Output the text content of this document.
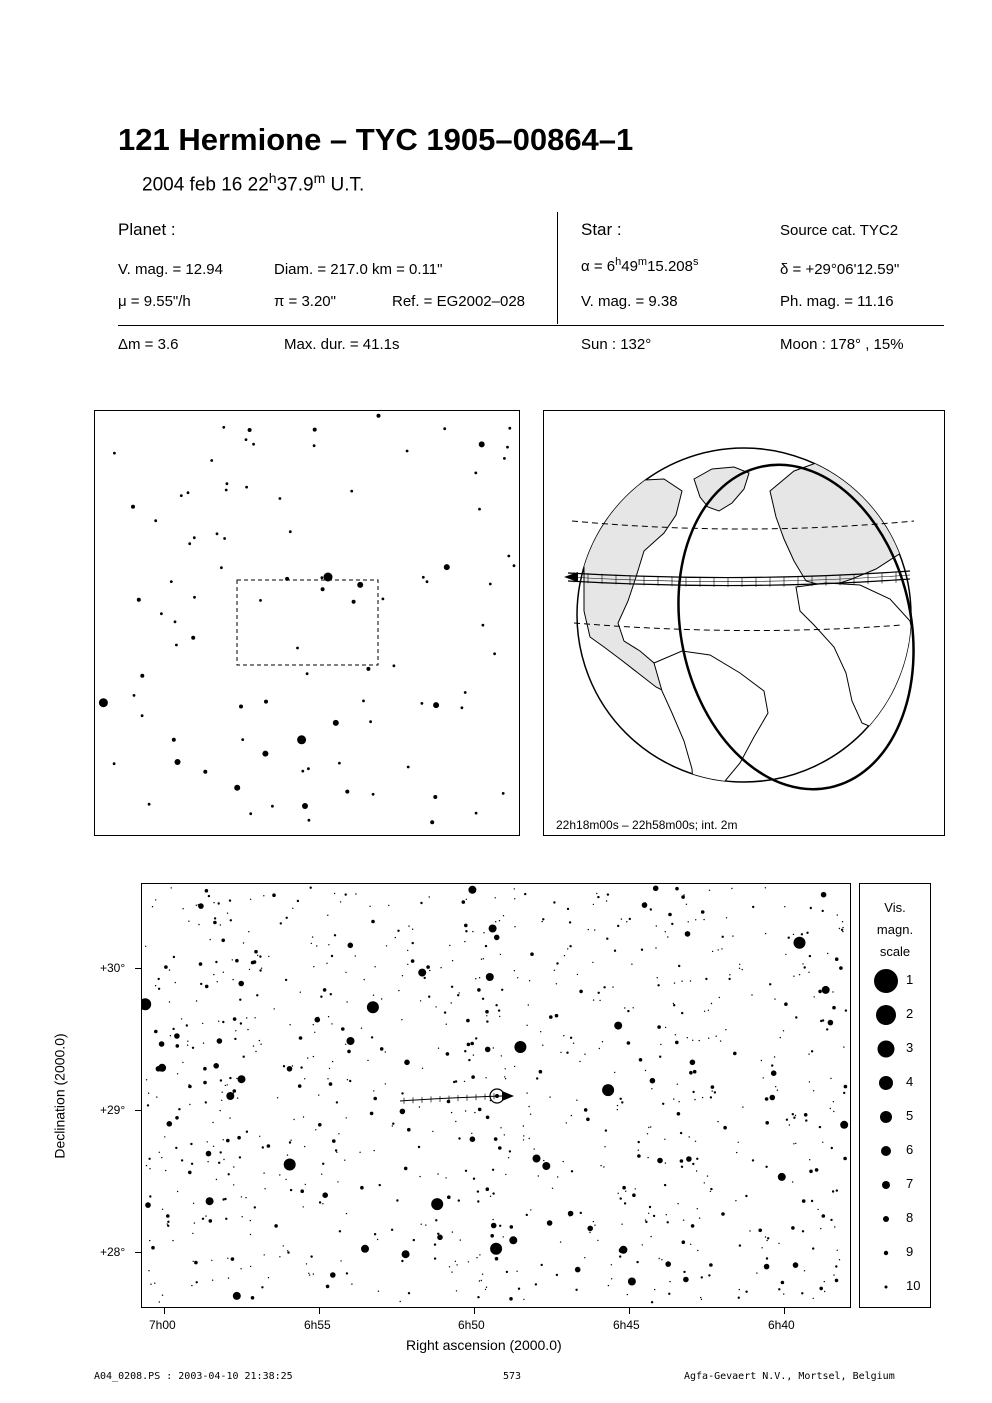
121 Hermione – TYC 1905–00864–1
2004 feb 16 22$^h$37.9$^m$ U.T.
Planet :
V. mag. = 12.94	Diam. = 217.0 km = 0.11"
μ = 9.55"/h	π = 3.20"	Ref. = EG2002–028
Star :	Source cat. TYC2
$\alpha = 6^h49^m15.208^s$	δ = +29°06'12.59"
V. mag. = 9.38	Ph. mag. = 11.16
Δm = 3.6	Max. dur. = 41.1s	Sun : 132°	Moon : 178° , 15%
22h18m00s – 22h58m00s; int. 2m
+30°
+29°
+28°
7h00	6h55	6h50	6h45	6h40
Right ascension (2000.0)
Declination (2000.0)
Vis.
magn.
scale
1
2
3
4
5
6
7
8
9
10
A04_0208.PS : 2003-04-10 21:38:25	573	Agfa-Gevaert N.V., Mortsel, Belgium
